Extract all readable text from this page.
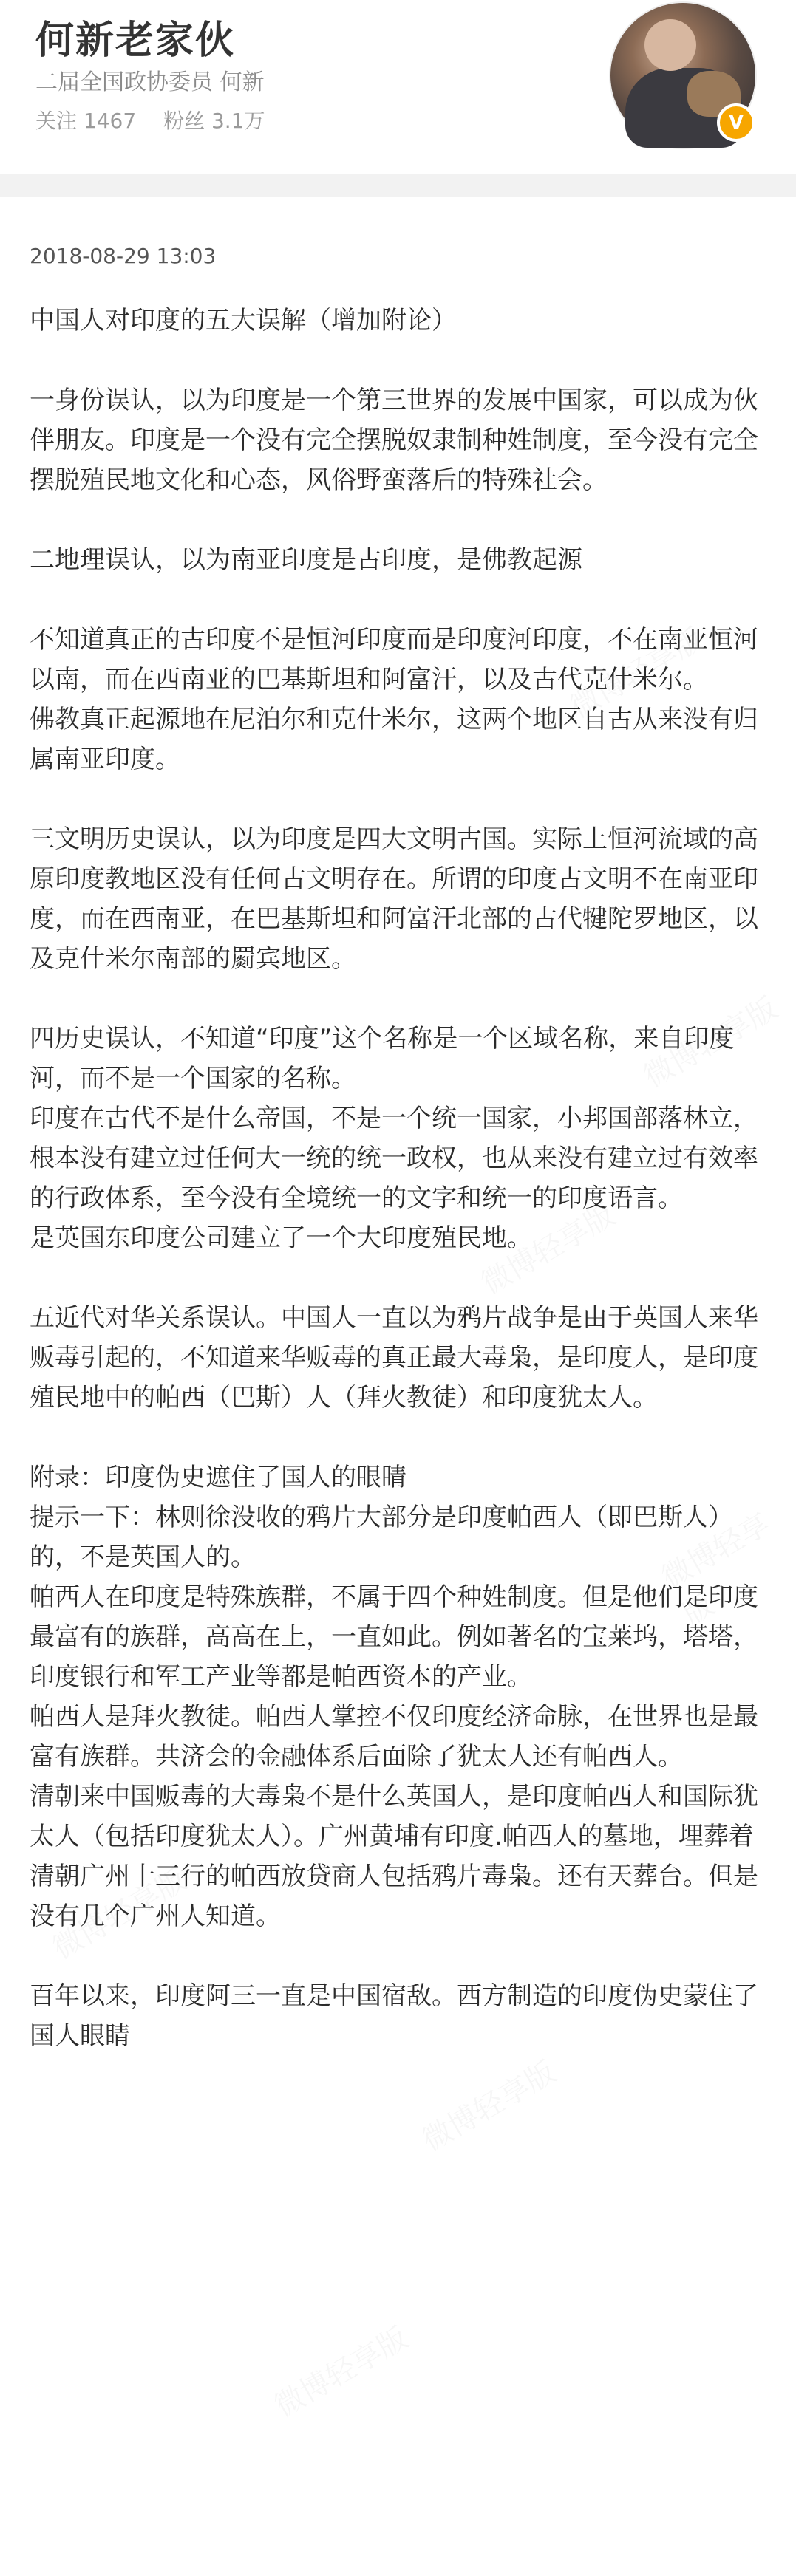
何新老家伙
二届全国政协委员 何新
关注 1467 粉丝 3.1万	V
2018-08-29 13:03

中国人对印度的五大误解（增加附论）

一身份误认，以为印度是一个第三世界的发展中国家，可以成为伙伴朋友。印度是一个没有完全摆脱奴隶制种姓制度，至今没有完全摆脱殖民地文化和心态，风俗野蛮落后的特殊社会。

二地理误认，以为南亚印度是古印度，是佛教起源

不知道真正的古印度不是恒河印度而是印度河印度，不在南亚恒河以南，而在西南亚的巴基斯坦和阿富汗，以及古代克什米尔。
佛教真正起源地在尼泊尔和克什米尔，这两个地区自古从来没有归属南亚印度。

三文明历史误认，以为印度是四大文明古国。实际上恒河流域的高原印度教地区没有任何古文明存在。所谓的印度古文明不在南亚印度，而在西南亚，在巴基斯坦和阿富汗北部的古代犍陀罗地区，以及克什米尔南部的罽宾地区。

四历史误认，不知道“印度”这个名称是一个区域名称，来自印度河，而不是一个国家的名称。
印度在古代不是什么帝国，不是一个统一国家，小邦国部落林立，根本没有建立过任何大一统的统一政权，也从来没有建立过有效率的行政体系，至今没有全境统一的文字和统一的印度语言。
是英国东印度公司建立了一个大印度殖民地。

五近代对华关系误认。中国人一直以为鸦片战争是由于英国人来华贩毒引起的，不知道来华贩毒的真正最大毒枭，是印度人，是印度殖民地中的帕西（巴斯）人（拜火教徒）和印度犹太人。

附录：印度伪史遮住了国人的眼睛
提示一下：林则徐没收的鸦片大部分是印度帕西人（即巴斯人）的，不是英国人的。
帕西人在印度是特殊族群，不属于四个种姓制度。但是他们是印度最富有的族群，高高在上，一直如此。例如著名的宝莱坞，塔塔，印度银行和军工产业等都是帕西资本的产业。
帕西人是拜火教徒。帕西人掌控不仅印度经济命脉，在世界也是最富有族群。共济会的金融体系后面除了犹太人还有帕西人。
清朝来中国贩毒的大毒枭不是什么英国人，是印度帕西人和国际犹太人（包括印度犹太人）。广州黄埔有印度.帕西人的墓地，埋葬着清朝广州十三行的帕西放贷商人包括鸦片毒枭。还有天葬台。但是没有几个广州人知道。

百年以来，印度阿三一直是中国宿敌。西方制造的印度伪史蒙住了国人眼睛
